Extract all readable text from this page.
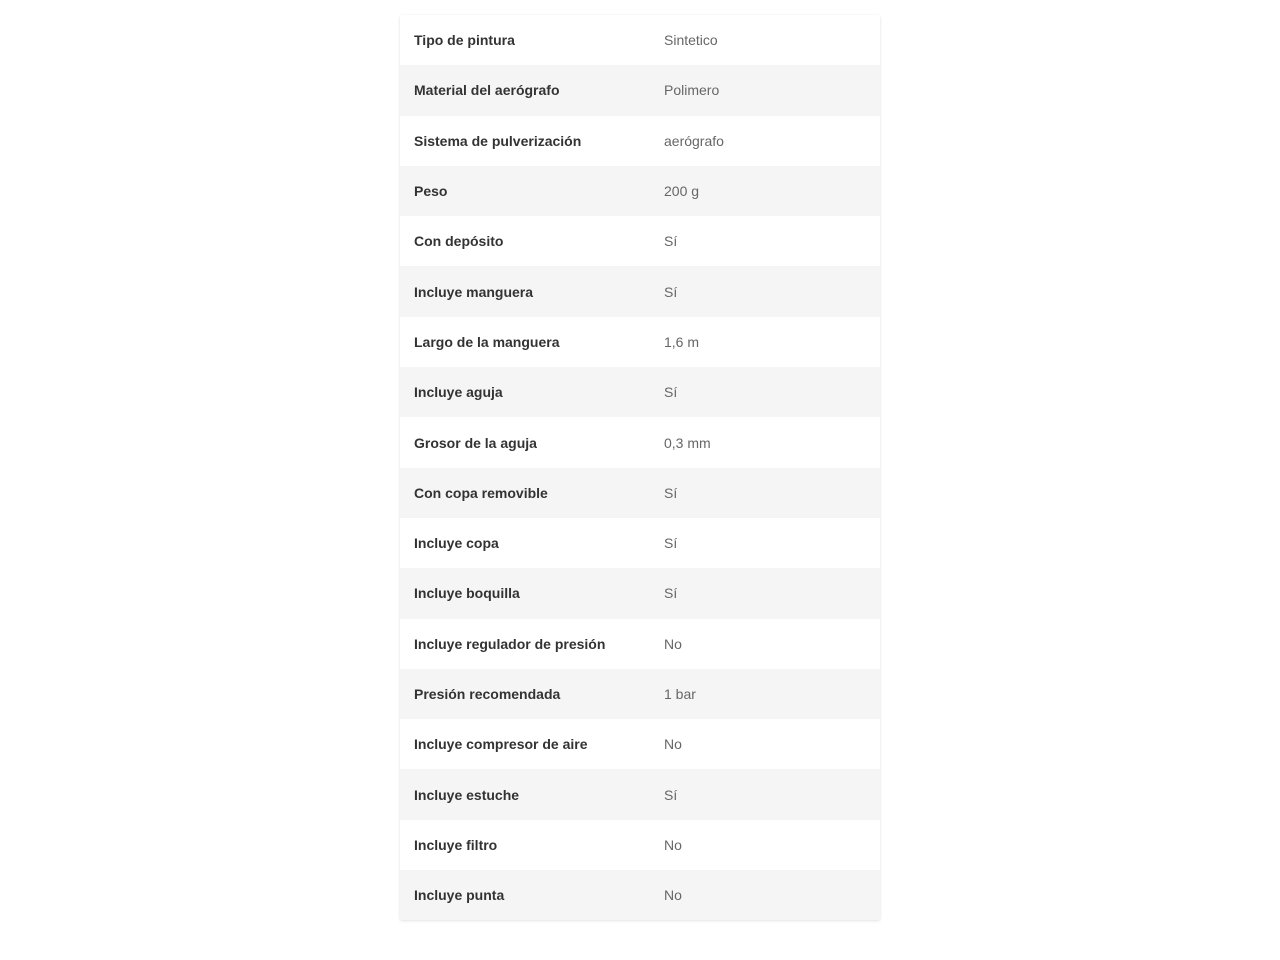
Tipo de pintura	Sintetico
Material del aerógrafo	Polimero
Sistema de pulverización	aerógrafo
Peso	200 g
Con depósito	Sí
Incluye manguera	Sí
Largo de la manguera	1,6 m
Incluye aguja	Sí
Grosor de la aguja	0,3 mm
Con copa removible	Sí
Incluye copa	Sí
Incluye boquilla	Sí
Incluye regulador de presión	No
Presión recomendada	1 bar
Incluye compresor de aire	No
Incluye estuche	Sí
Incluye filtro	No
Incluye punta	No
